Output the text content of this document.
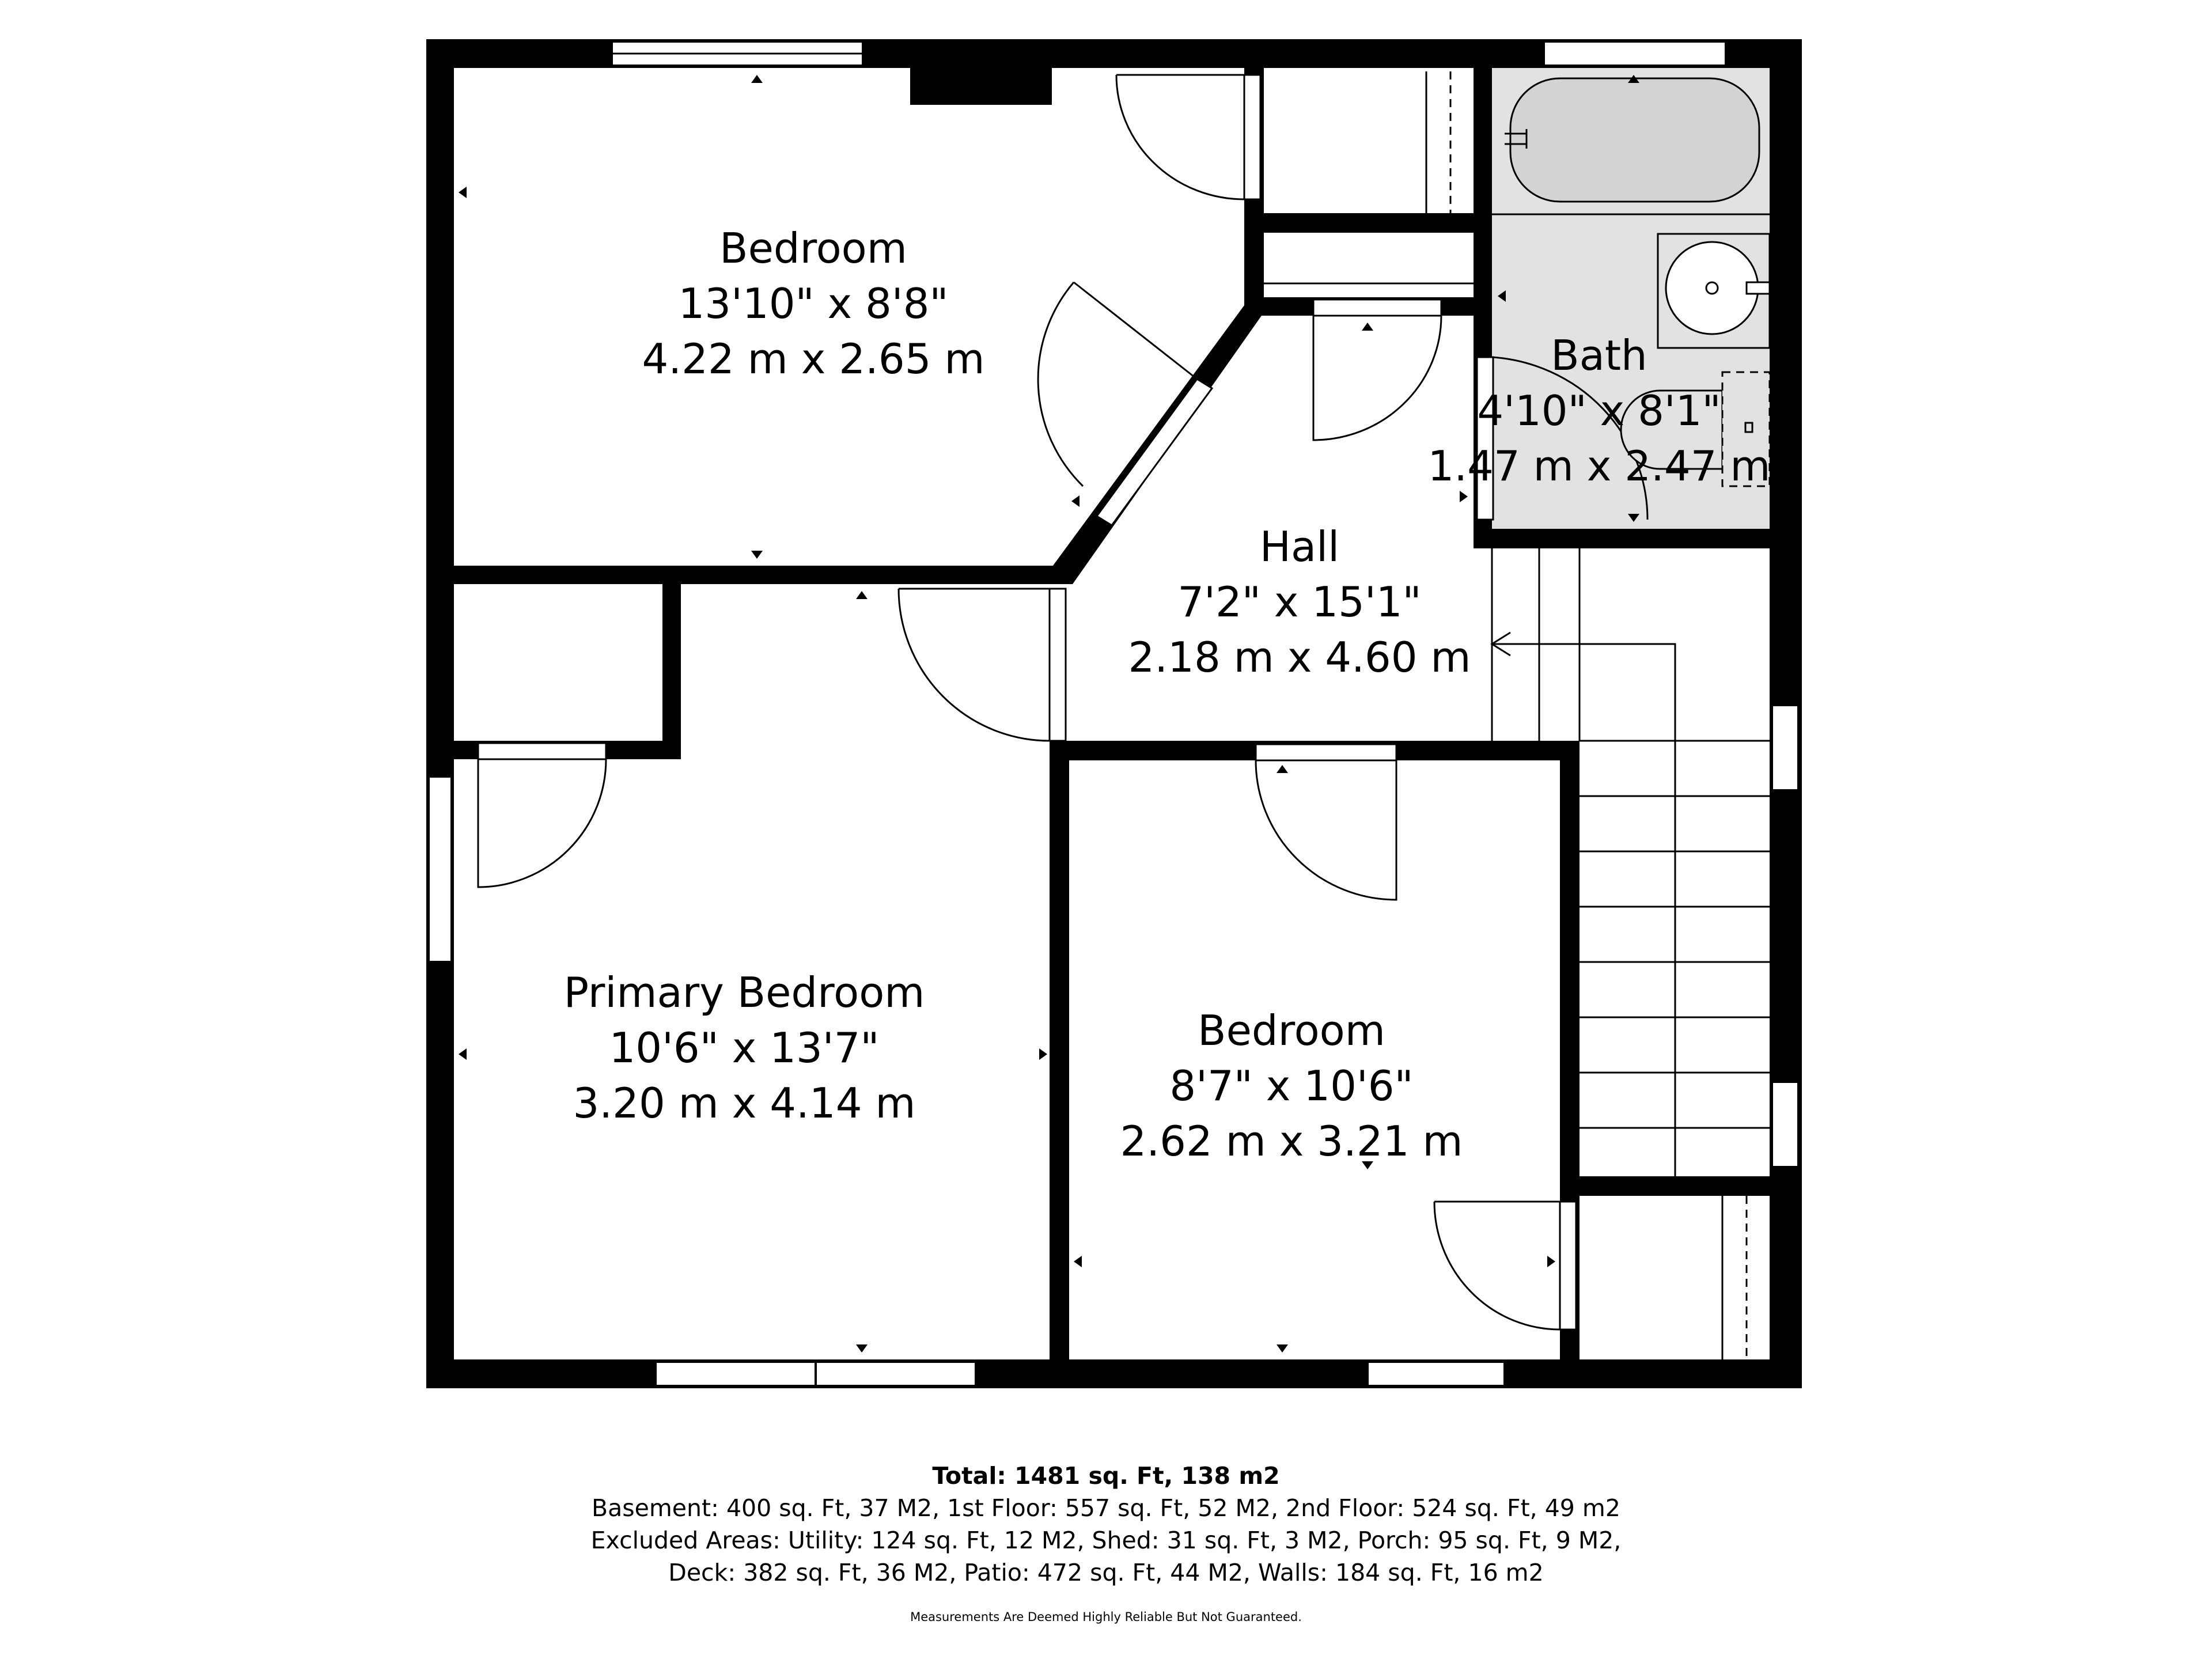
Bedroom
13'10" x 8'8"
4.22 m x 2.65 m	Bath
4'10" x 8'1"
1.47 m x 2.47 m
Hall
7'2" x 15'1"
2.18 m x 4.60 m
Primary Bedroom
10'6" x 13'7"
3.20 m x 4.14 m
Bedroom
8'7" x 10'6"
2.62 m x 3.21 m
Total: 1481 sq. Ft, 138 m2
Basement: 400 sq. Ft, 37 M2, 1st Floor: 557 sq. Ft, 52 M2, 2nd Floor: 524 sq. Ft, 49 m2
Excluded Areas: Utility: 124 sq. Ft, 12 M2, Shed: 31 sq. Ft, 3 M2, Porch: 95 sq. Ft, 9 M2,
Deck: 382 sq. Ft, 36 M2, Patio: 472 sq. Ft, 44 M2, Walls: 184 sq. Ft, 16 m2
Measurements Are Deemed Highly Reliable But Not Guaranteed.
